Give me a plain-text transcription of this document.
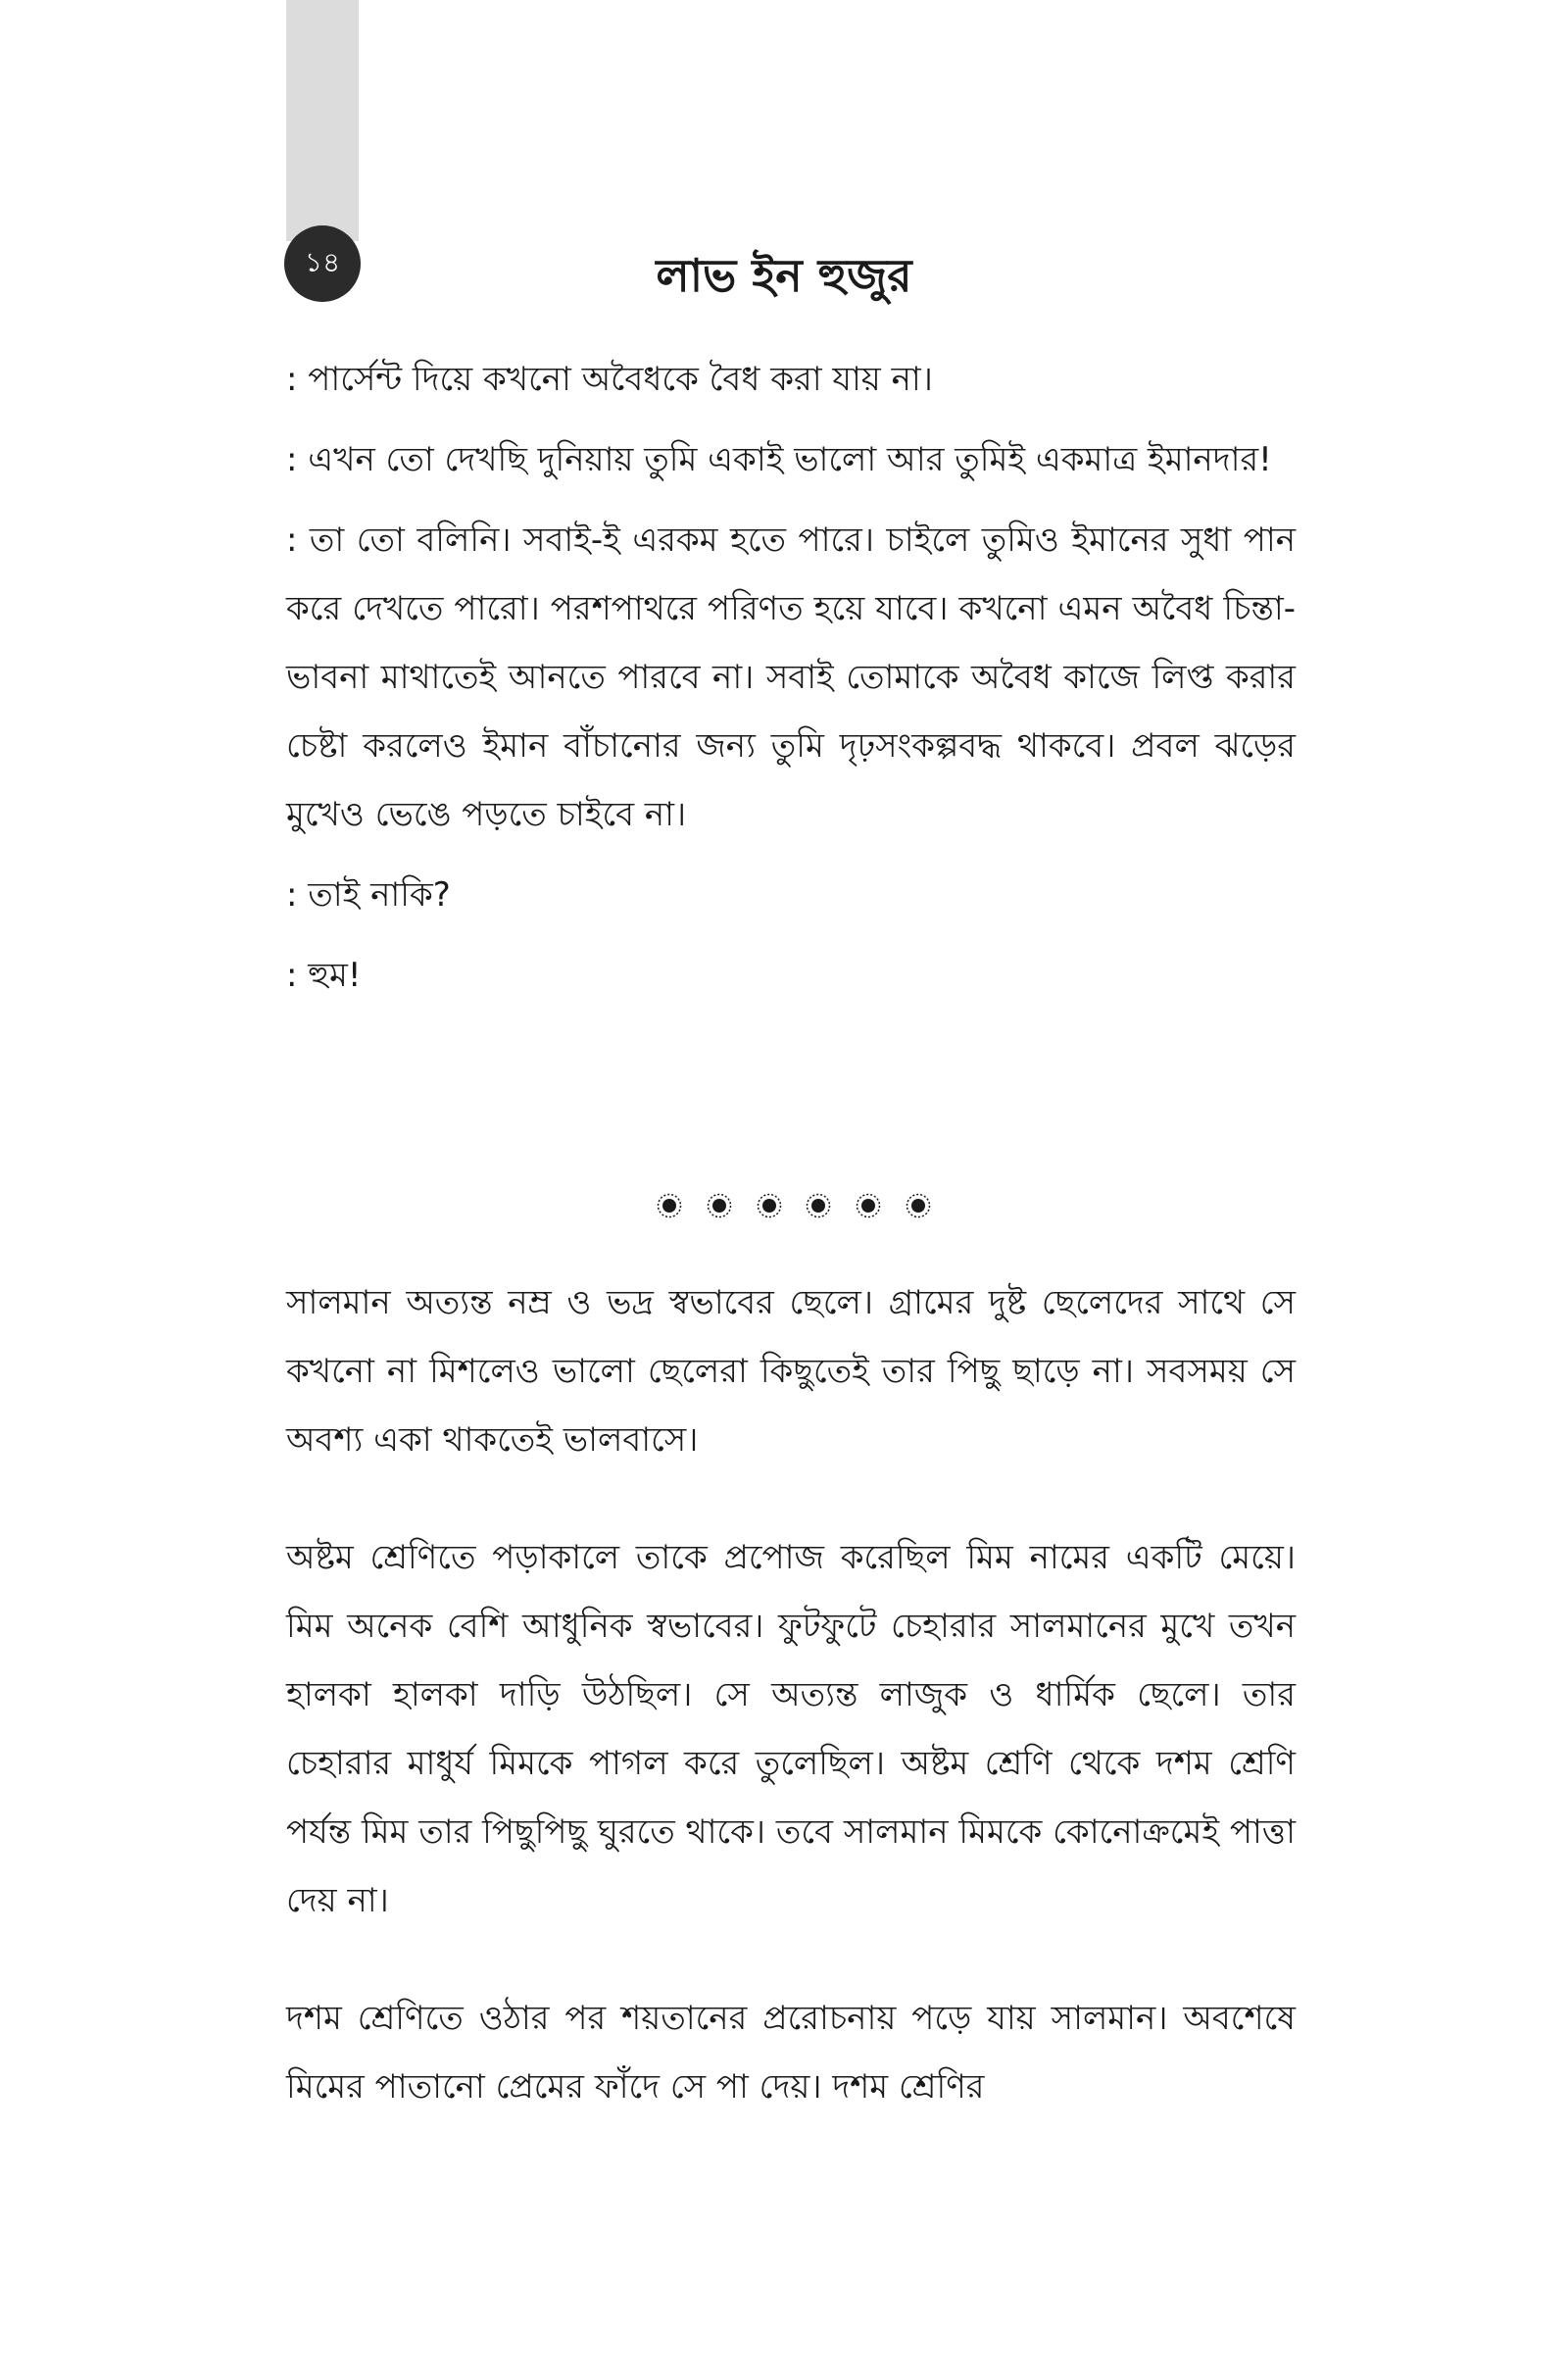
১৪	লাভ ইন হুজুর

: পার্সেন্ট দিয়ে কখনো অবৈধকে বৈধ করা যায় না।

: এখন তো দেখছি দুনিয়ায় তুমি একাই ভালো আর তুমিই একমাত্র ইমানদার!

: তা তো বলিনি। সবাই-ই এরকম হতে পারে। চাইলে তুমিও ইমানের সুধা পান করে দেখতে পারো। পরশপাথরে পরিণত হয়ে যাবে। কখনো এমন অবৈধ চিন্তা-ভাবনা মাথাতেই আনতে পারবে না। সবাই তোমাকে অবৈধ কাজে লিপ্ত করার চেষ্টা করলেও ইমান বাঁচানোর জন্য তুমি দৃঢ়সংকল্পবদ্ধ থাকবে। প্রবল ঝড়ের মুখেও ভেঙে পড়তে চাইবে না।

: তাই নাকি?

: হুম!

সালমান অত্যন্ত নম্র ও ভদ্র স্বভাবের ছেলে। গ্রামের দুষ্ট ছেলেদের সাথে সে কখনো না মিশলেও ভালো ছেলেরা কিছুতেই তার পিছু ছাড়ে না। সবসময় সে অবশ্য একা থাকতেই ভালবাসে।

অষ্টম শ্রেণিতে পড়াকালে তাকে প্রপোজ করেছিল মিম নামের একটি মেয়ে। মিম অনেক বেশি আধুনিক স্বভাবের। ফুটফুটে চেহারার সালমানের মুখে তখন হালকা হালকা দাড়ি উঠছিল। সে অত্যন্ত লাজুক ও ধার্মিক ছেলে। তার চেহারার মাধুর্য মিমকে পাগল করে তুলেছিল। অষ্টম শ্রেণি থেকে দশম শ্রেণি পর্যন্ত মিম তার পিছুপিছু ঘুরতে থাকে। তবে সালমান মিমকে কোনোক্রমেই পাত্তা দেয় না।

দশম শ্রেণিতে ওঠার পর শয়তানের প্ররোচনায় পড়ে যায় সালমান। অবশেষে মিমের পাতানো প্রেমের ফাঁদে সে পা দেয়। দশম শ্রেণির
